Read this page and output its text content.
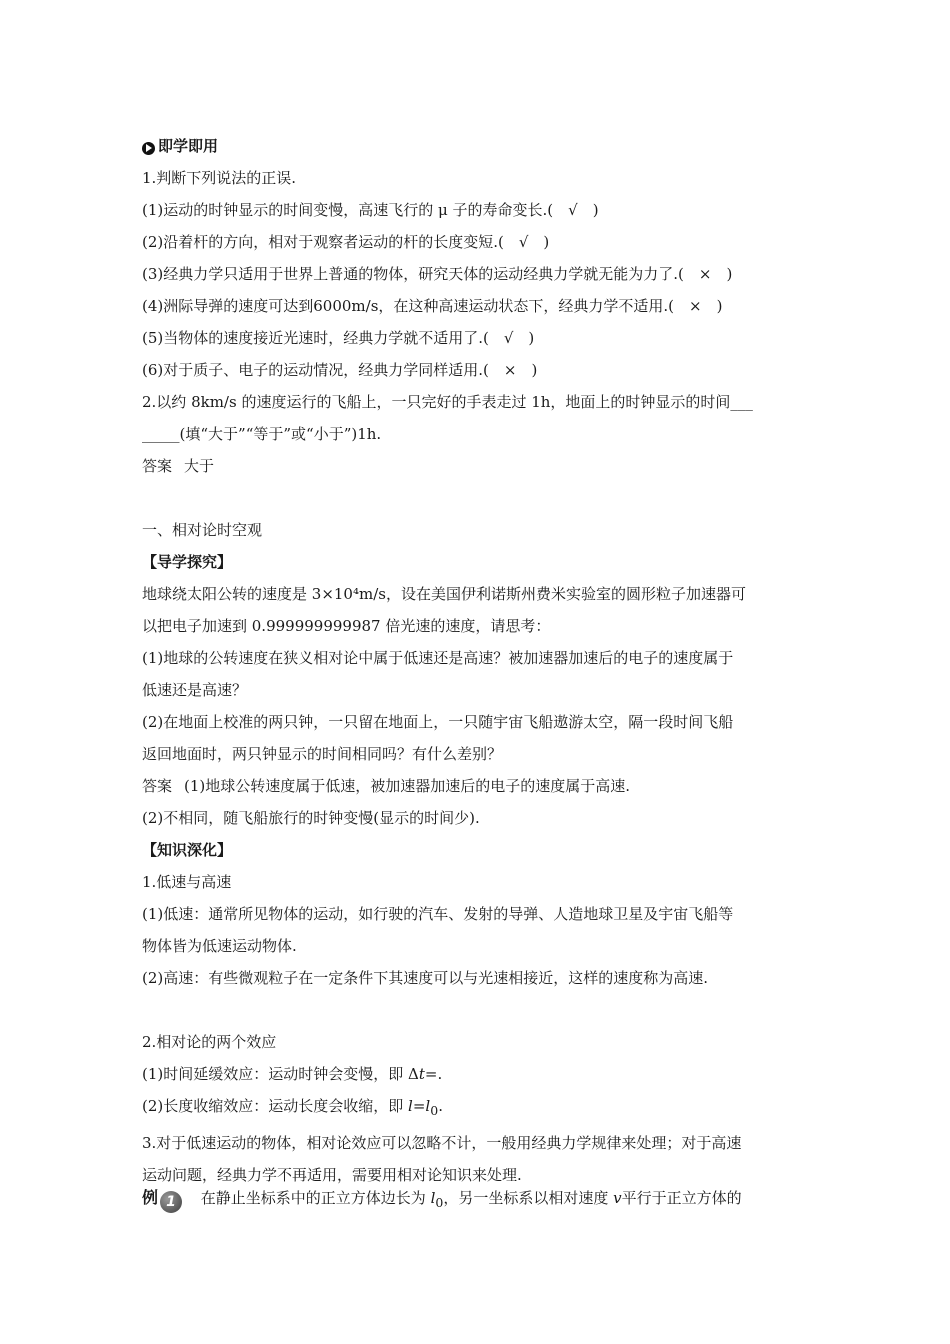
即学即用
1.判断下列说法的正误.
(1)运动的时钟显示的时间变慢，高速飞行的 μ 子的寿命变长.(　√　)
(2)沿着杆的方向，相对于观察者运动的杆的长度变短.(　√　)
(3)经典力学只适用于世界上普通的物体，研究天体的运动经典力学就无能为力了.(　×　)
(4)洲际导弹的速度可达到6000m/s，在这种高速运动状态下，经典力学不适用.(　×　)
(5)当物体的速度接近光速时，经典力学就不适用了.(　√　)
(6)对于质子、电子的运动情况，经典力学同样适用.(　×　)
2.以约 8km/s 的速度运行的飞船上，一只完好的手表走过 1h，地面上的时钟显示的时间___
_____(填“大于”“等于”或“小于”)1h.
答案 大于
一、相对论时空观
【导学探究】
地球绕太阳公转的速度是 3×10⁴m/s，设在美国伊利诺斯州费米实验室的圆形粒子加速器可
以把电子加速到 0.999999999987 倍光速的速度，请思考：
(1)地球的公转速度在狭义相对论中属于低速还是高速？被加速器加速后的电子的速度属于
低速还是高速？
(2)在地面上校准的两只钟，一只留在地面上，一只随宇宙飞船遨游太空，隔一段时间飞船
返回地面时，两只钟显示的时间相同吗？有什么差别？
答案 (1)地球公转速度属于低速，被加速器加速后的电子的速度属于高速.
(2)不相同，随飞船旅行的时钟变慢(显示的时间少).
【知识深化】
1.低速与高速
(1)低速：通常所见物体的运动，如行驶的汽车、发射的导弹、人造地球卫星及宇宙飞船等
物体皆为低速运动物体.
(2)高速：有些微观粒子在一定条件下其速度可以与光速相接近，这样的速度称为高速.
2.相对论的两个效应
(1)时间延缓效应：运动时钟会变慢，即 Δt=.
(2)长度收缩效应：运动长度会收缩，即 $l=l_0$.
3.对于低速运动的物体，相对论效应可以忽略不计，一般用经典力学规律来处理；对于高速
运动问题，经典力学不再适用，需要用相对论知识来处理.
例 1 在静止坐标系中的正立方体边长为 $l_0$，另一坐标系以相对速度 v平行于正立方体的
